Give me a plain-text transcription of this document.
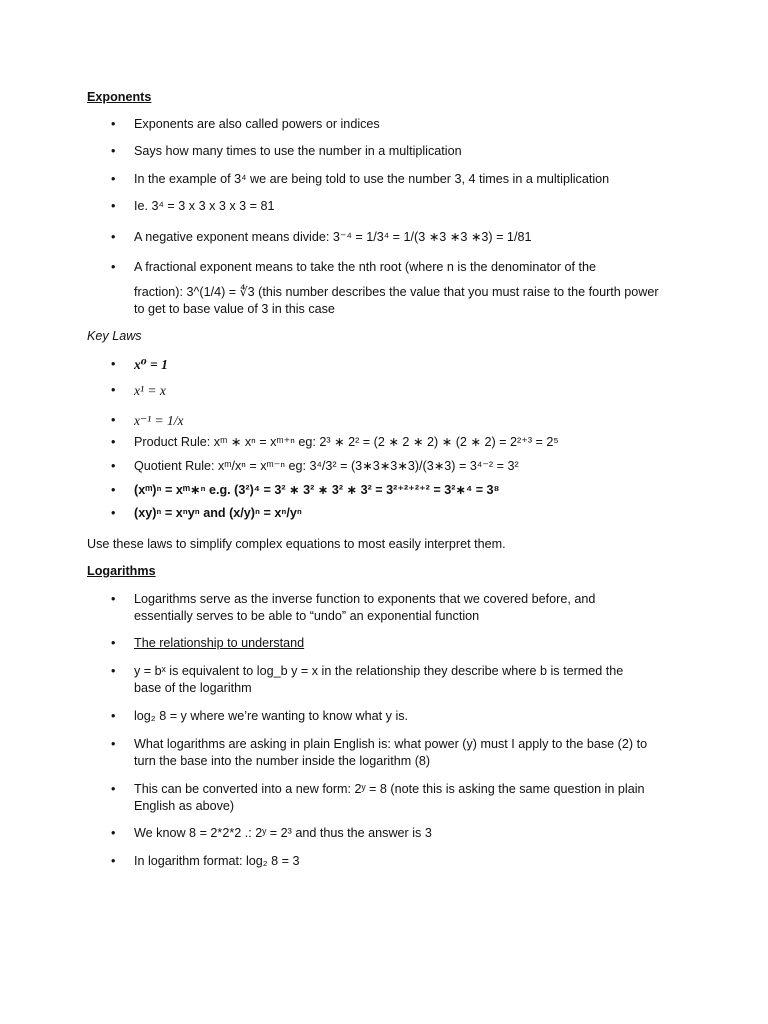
Exponents
•
Exponents are also called powers or indices
•
Says how many times to use the number in a multiplication
•
In the example of 3⁴ we are being told to use the number 3, 4 times in a multiplication
•
Ie. 3⁴ = 3 x 3 x 3 x 3 = 81
•
A negative exponent means divide: 3⁻⁴ = 1/3⁴ = 1/(3 ∗3 ∗3 ∗3) = 1/81
•
A fractional exponent means to take the nth root (where n is the denominator of the
fraction): 3^(1/4) = ∜3 (this number describes the value that you must raise to the fourth power
to get to base value of 3 in this case
Key Laws
•
x⁰ = 1
•
x¹ = x
•
x⁻¹ = 1/x
•
Product Rule: xᵐ ∗ xⁿ = xᵐ⁺ⁿ eg: 2³ ∗ 2² = (2 ∗ 2 ∗ 2) ∗ (2 ∗ 2) = 2²⁺³ = 2⁵
•
Quotient Rule: xᵐ/xⁿ = xᵐ⁻ⁿ eg: 3⁴/3² = (3∗3∗3∗3)/(3∗3) = 3⁴⁻² = 3²
•
(xᵐ)ⁿ = xᵐ∗ⁿ e.g. (3²)⁴ = 3² ∗ 3² ∗ 3² ∗ 3² = 3²⁺²⁺²⁺² = 3²∗⁴ = 3⁸
•
(xy)ⁿ = xⁿyⁿ and (x/y)ⁿ = xⁿ/yⁿ
Use these laws to simplify complex equations to most easily interpret them.
Logarithms
•
Logarithms serve as the inverse function to exponents that we covered before, and
essentially serves to be able to “undo” an exponential function
•
The relationship to understand
•
y = bˣ is equivalent to log_b y = x in the relationship they describe where b is termed the
base of the logarithm
•
log₂ 8 = y where we’re wanting to know what y is.
•
What logarithms are asking in plain English is: what power (y) must I apply to the base (2) to
turn the base into the number inside the logarithm (8)
•
This can be converted into a new form: 2ʸ = 8 (note this is asking the same question in plain
English as above)
•
We know 8 = 2*2*2 .: 2ʸ = 2³ and thus the answer is 3
•
In logarithm format: log₂ 8 = 3
